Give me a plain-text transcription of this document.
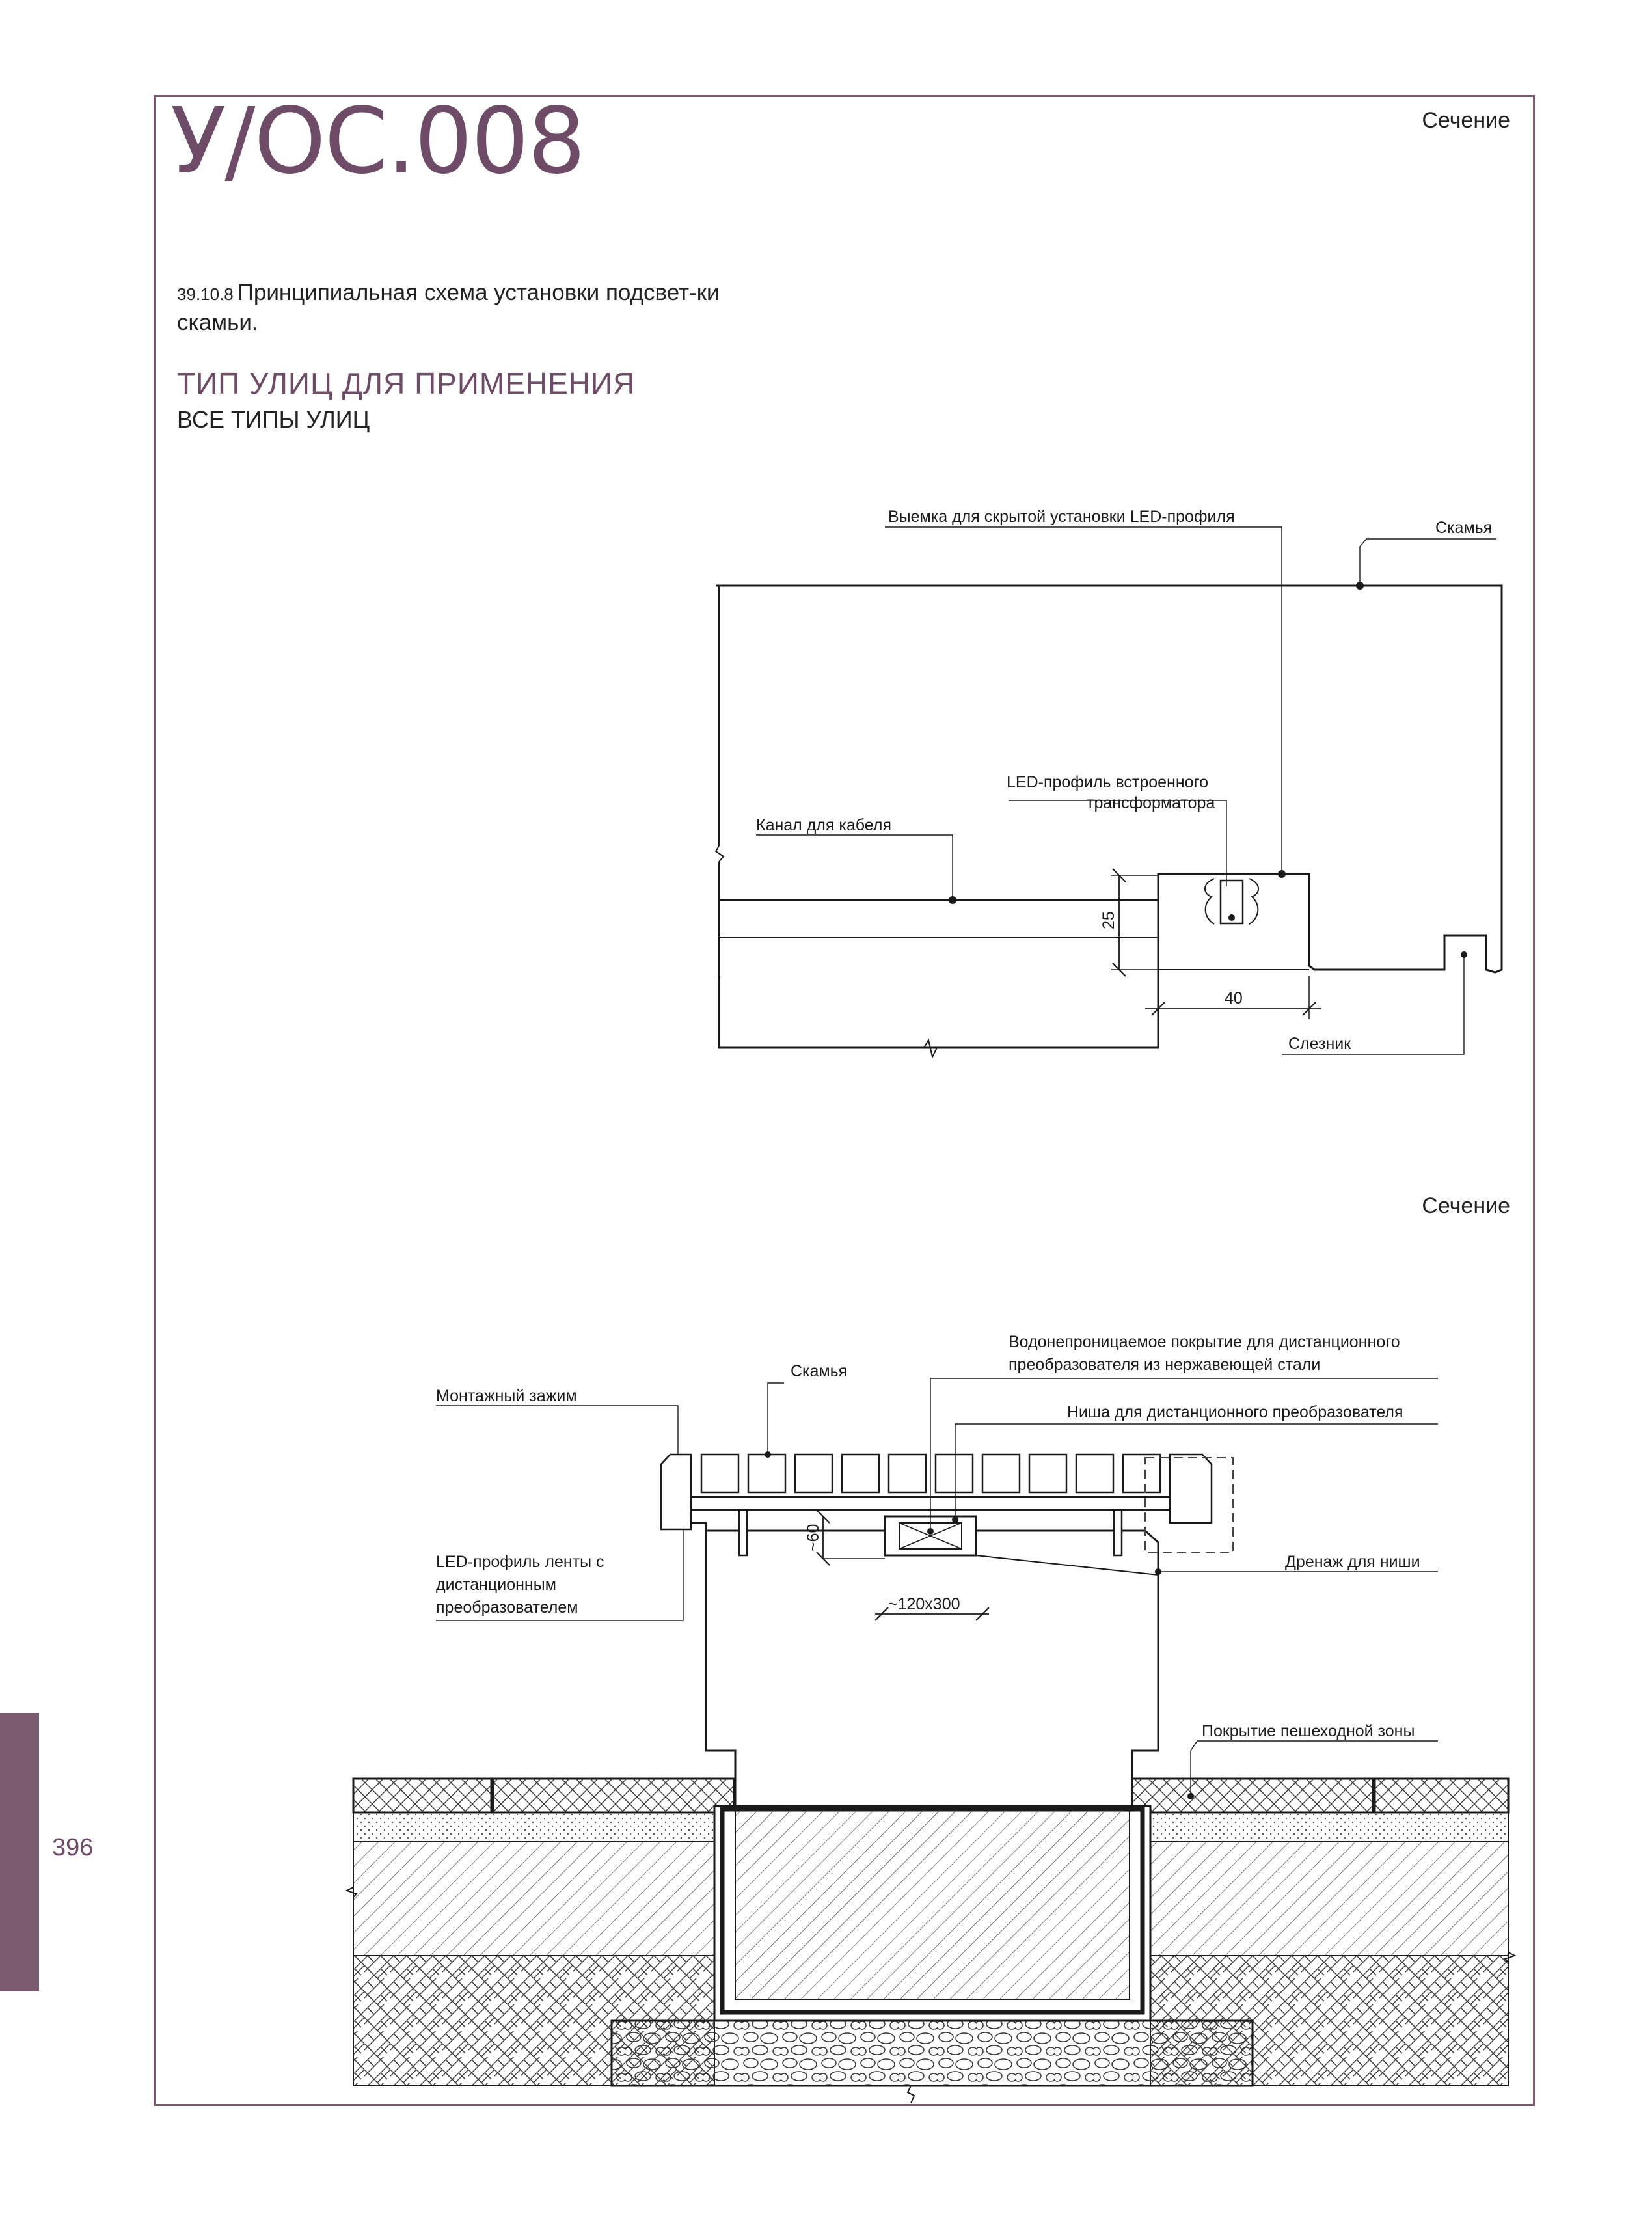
У/ОС.008	Сечение
Сечение
39.10.8 Принципиальная схема установки подсвет-ки скамьи.
ТИП УЛИЦ ДЛЯ ПРИМЕНЕНИЯ
ВСЕ ТИПЫ УЛИЦ
396
Выемка для скрытой установки LED-профиля
Скамья
LED-профиль встроенного
трансформатора
Канал для кабеля
Слезник
25
40
Водонепроницаемое покрытие для дистанционного
преобразователя из нержавеющей стали
Скамья
Монтажный зажим
Ниша для дистанционного преобразователя
LED-профиль ленты с
дистанционным
преобразователем
Дренаж для ниши
Покрытие пешеходной зоны
~60
~120х300
